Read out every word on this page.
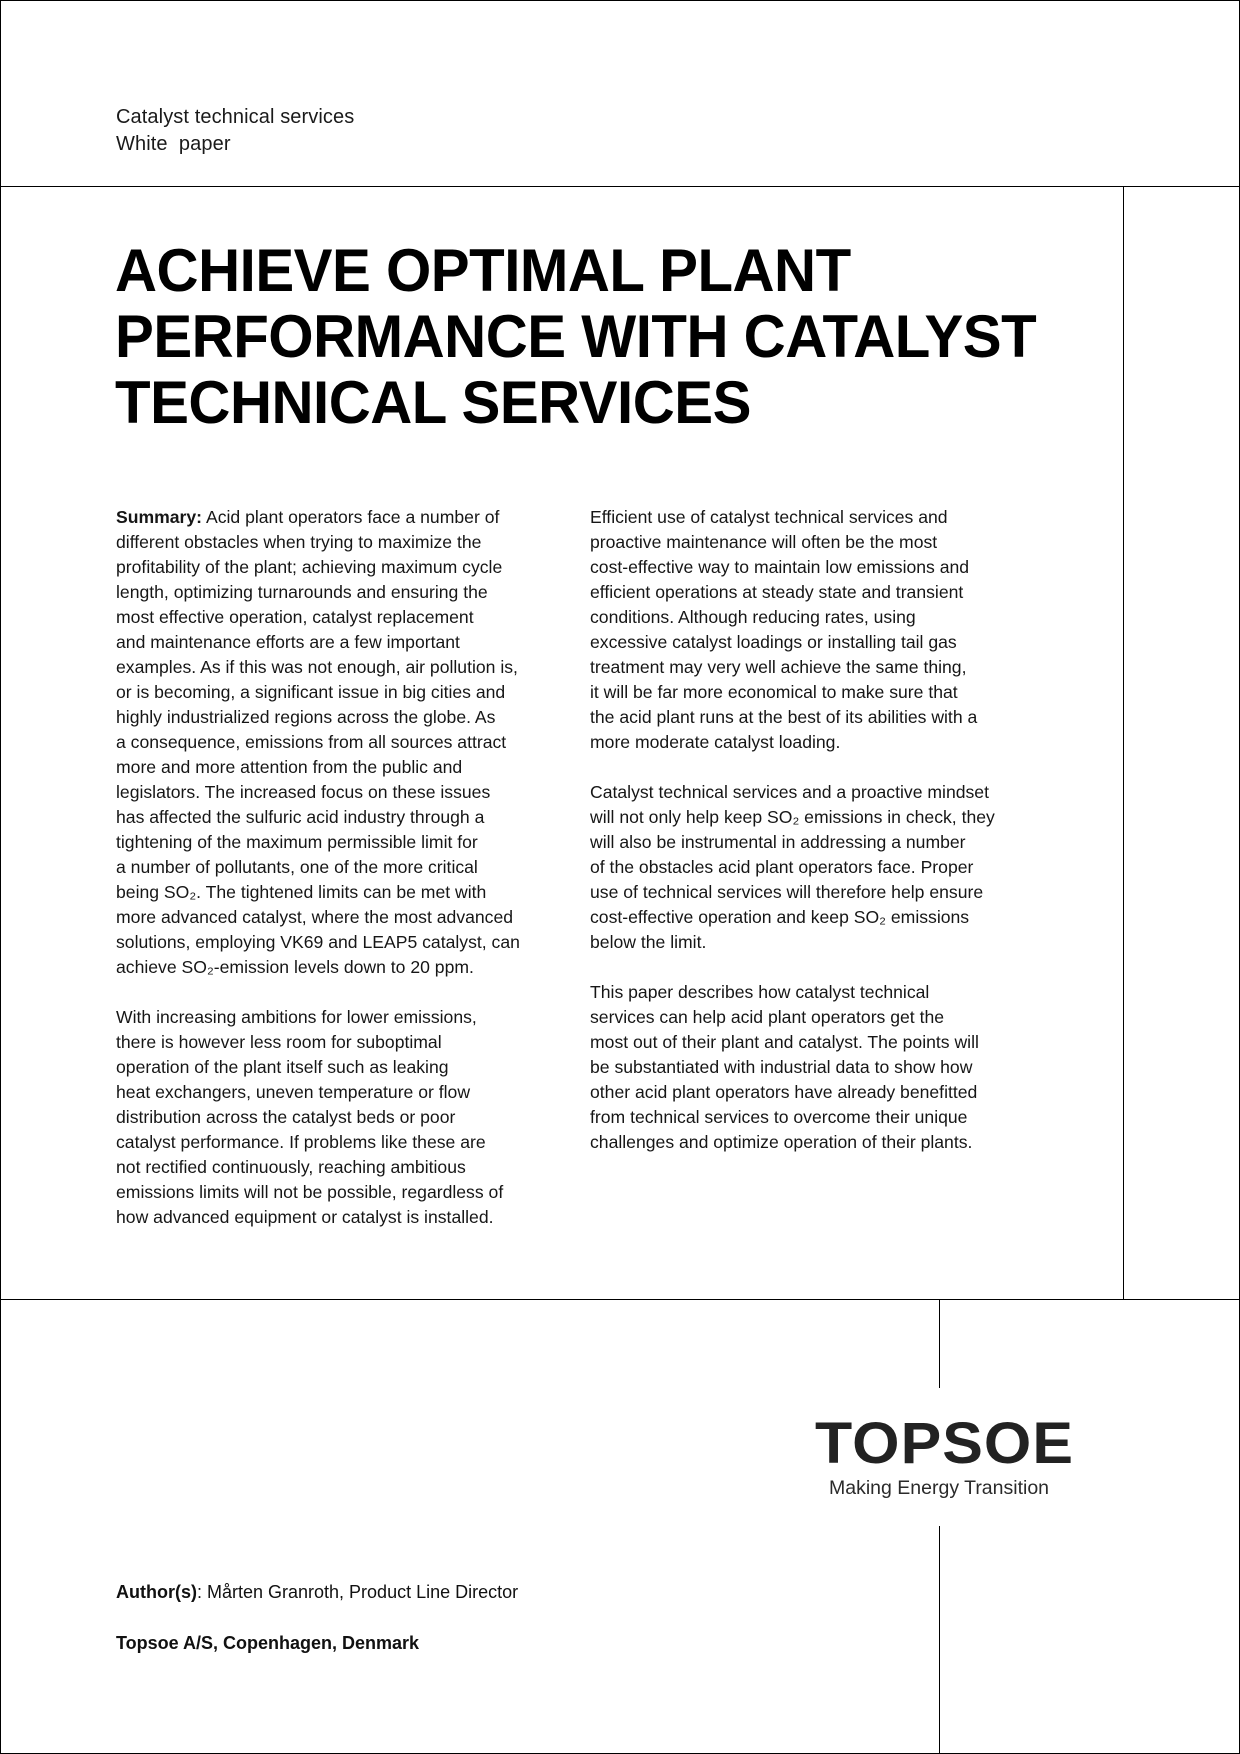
Catalyst technical services
White  paper
ACHIEVE OPTIMAL PLANT
PERFORMANCE WITH CATALYST
TECHNICAL SERVICES

Summary: Acid plant operators face a number of
different obstacles when trying to maximize the
profitability of the plant; achieving maximum cycle
length, optimizing turnarounds and ensuring the
most effective operation, catalyst replacement
and maintenance efforts are a few important
examples. As if this was not enough, air pollution is,
or is becoming, a significant issue in big cities and
highly industrialized regions across the globe. As
a consequence, emissions from all sources attract
more and more attention from the public and
legislators. The increased focus on these issues
has affected the sulfuric acid industry through a
tightening of the maximum permissible limit for
a number of pollutants, one of the more critical
being SO₂. The tightened limits can be met with
more advanced catalyst, where the most advanced
solutions, employing VK69 and LEAP5 catalyst, can
achieve SO₂-emission levels down to 20 ppm.

With increasing ambitions for lower emissions,
there is however less room for suboptimal
operation of the plant itself such as leaking
heat exchangers, uneven temperature or flow
distribution across the catalyst beds or poor
catalyst performance. If problems like these are
not rectified continuously, reaching ambitious
emissions limits will not be possible, regardless of
how advanced equipment or catalyst is installed.

Efficient use of catalyst technical services and
proactive maintenance will often be the most
cost-effective way to maintain low emissions and
efficient operations at steady state and transient
conditions. Although reducing rates, using
excessive catalyst loadings or installing tail gas
treatment may very well achieve the same thing,
it will be far more economical to make sure that
the acid plant runs at the best of its abilities with a
more moderate catalyst loading.

Catalyst technical services and a proactive mindset
will not only help keep SO₂ emissions in check, they
will also be instrumental in addressing a number
of the obstacles acid plant operators face. Proper
use of technical services will therefore help ensure
cost-effective operation and keep SO₂ emissions
below the limit.

This paper describes how catalyst technical
services can help acid plant operators get the
most out of their plant and catalyst. The points will
be substantiated with industrial data to show how
other acid plant operators have already benefitted
from technical services to overcome their unique
challenges and optimize operation of their plants.

TOPSOE
Making Energy Transition
Author(s): Mårten Granroth, Product Line Director
Topsoe A/S, Copenhagen, Denmark
